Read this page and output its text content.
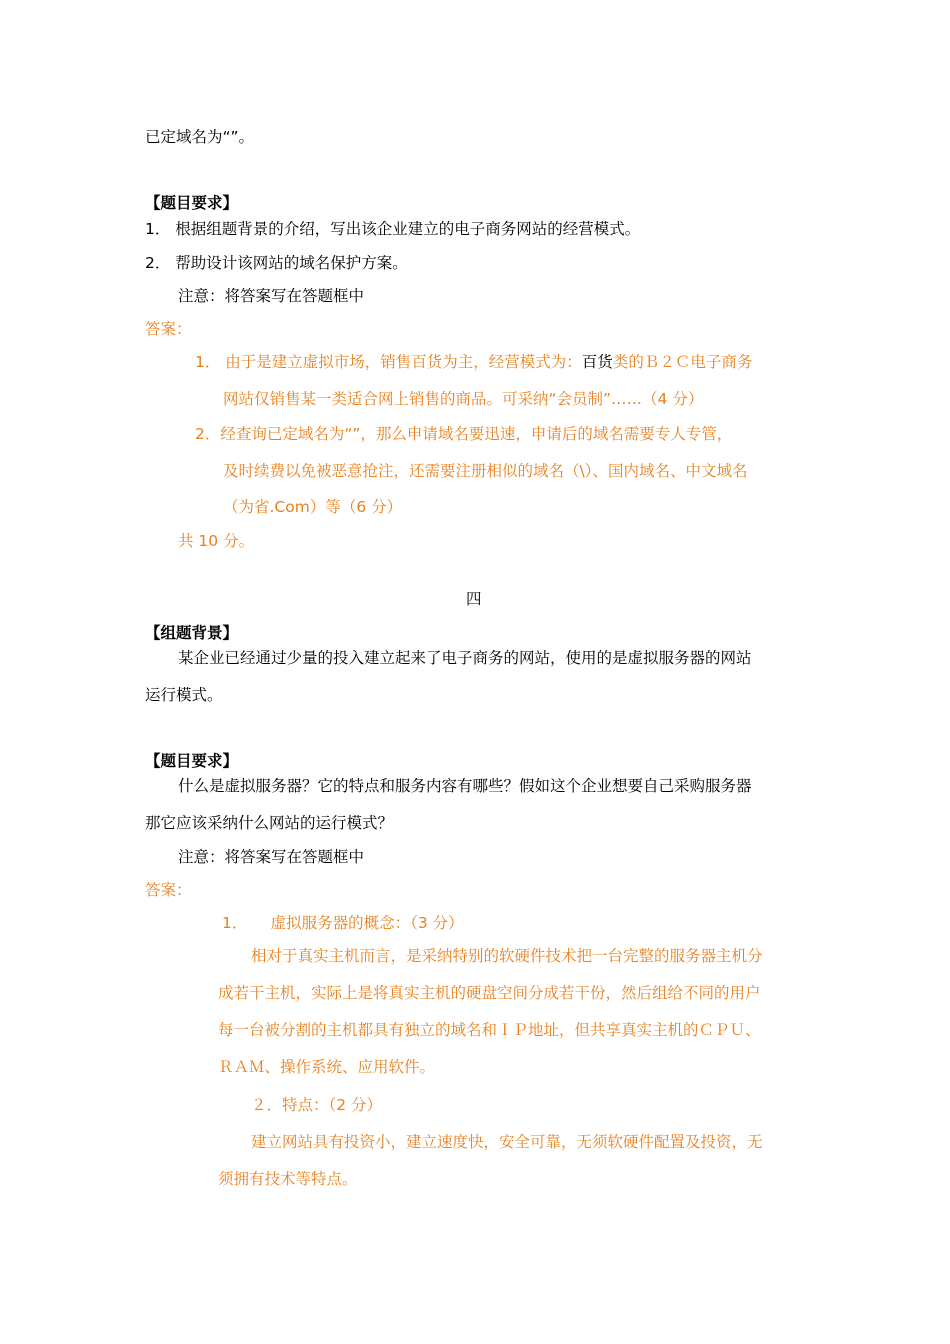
已定域名为“”。
【题目要求】
1． 根据组题背景的介绍，写出该企业建立的电子商务网站的经营模式。
2． 帮助设计该网站的域名保护方案。
注意：将答案写在答题框中
答案：
1． 由于是建立虚拟市场，销售百货为主，经营模式为：百货类的Ｂ２Ｃ电子商务
网站仅销售某一类适合网上销售的商品。可采纳“会员制”……（4 分）
2．经查询已定域名为“”，那么申请域名要迅速，申请后的域名需要专人专管，
及时续费以免被恶意抢注，还需要注册相似的域名（\）、国内域名、中文域名
（为省.Com）等（6 分）
共 10 分。
四
【组题背景】
某企业已经通过少量的投入建立起来了电子商务的网站，使用的是虚拟服务器的网站
运行模式。
【题目要求】
什么是虚拟服务器？它的特点和服务内容有哪些？假如这个企业想要自己采购服务器
那它应该采纳什么网站的运行模式？
注意：将答案写在答题框中
答案：
1．　　虚拟服务器的概念：（3 分）
相对于真实主机而言，是采纳特别的软硬件技术把一台完整的服务器主机分
成若干主机，实际上是将真实主机的硬盘空间分成若干份，然后组给不同的用户
每一台被分割的主机都具有独立的域名和ＩＰ地址，但共享真实主机的ＣＰＵ、
ＲＡＭ、操作系统、应用软件。
２．特点：（2 分）
建立网站具有投资小，建立速度快，安全可靠，无须软硬件配置及投资，无
须拥有技术等特点。
